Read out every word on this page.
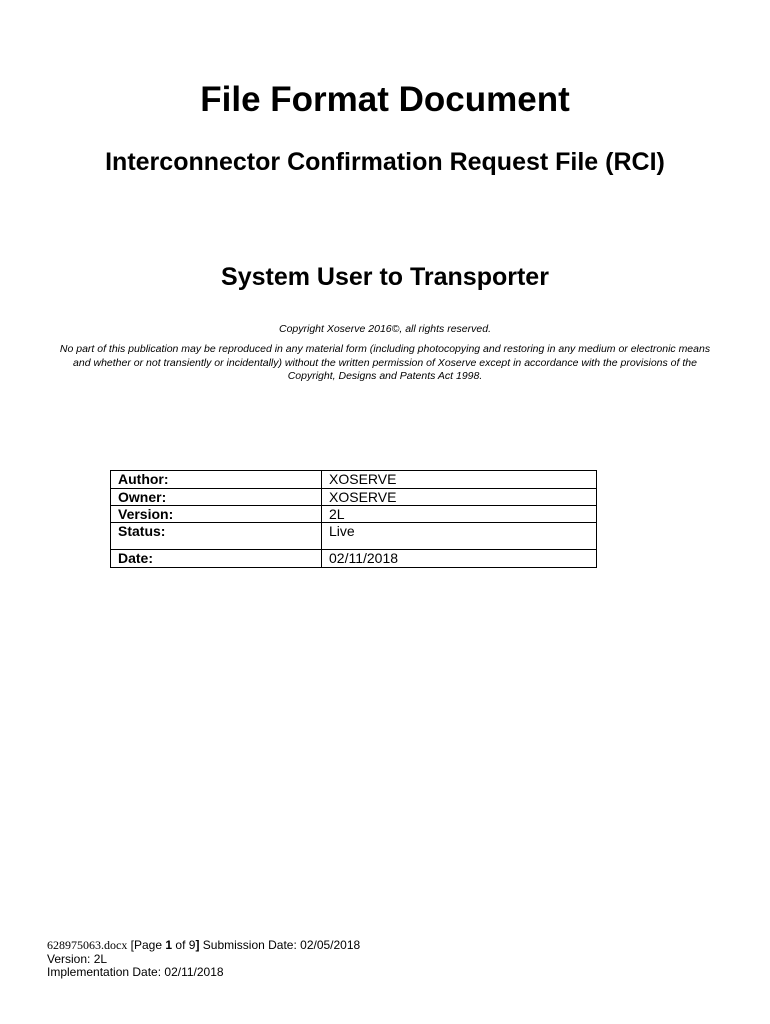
File Format Document
Interconnector Confirmation Request File (RCI)
System User to Transporter

Copyright Xoserve 2016©, all rights reserved.

No part of this publication may be reproduced in any material form (including photocopying and restoring in any medium or electronic means and whether or not transiently or incidentally) without the written permission of Xoserve except in accordance with the provisions of the Copyright, Designs and Patents Act 1998.

Author:	XOSERVE
Owner:	XOSERVE
Version:	2L
Status:	Live
Date:	02/11/2018
628975063.docx [Page 1 of 9] Submission Date: 02/05/2018
Version: 2L
Implementation Date: 02/11/2018
